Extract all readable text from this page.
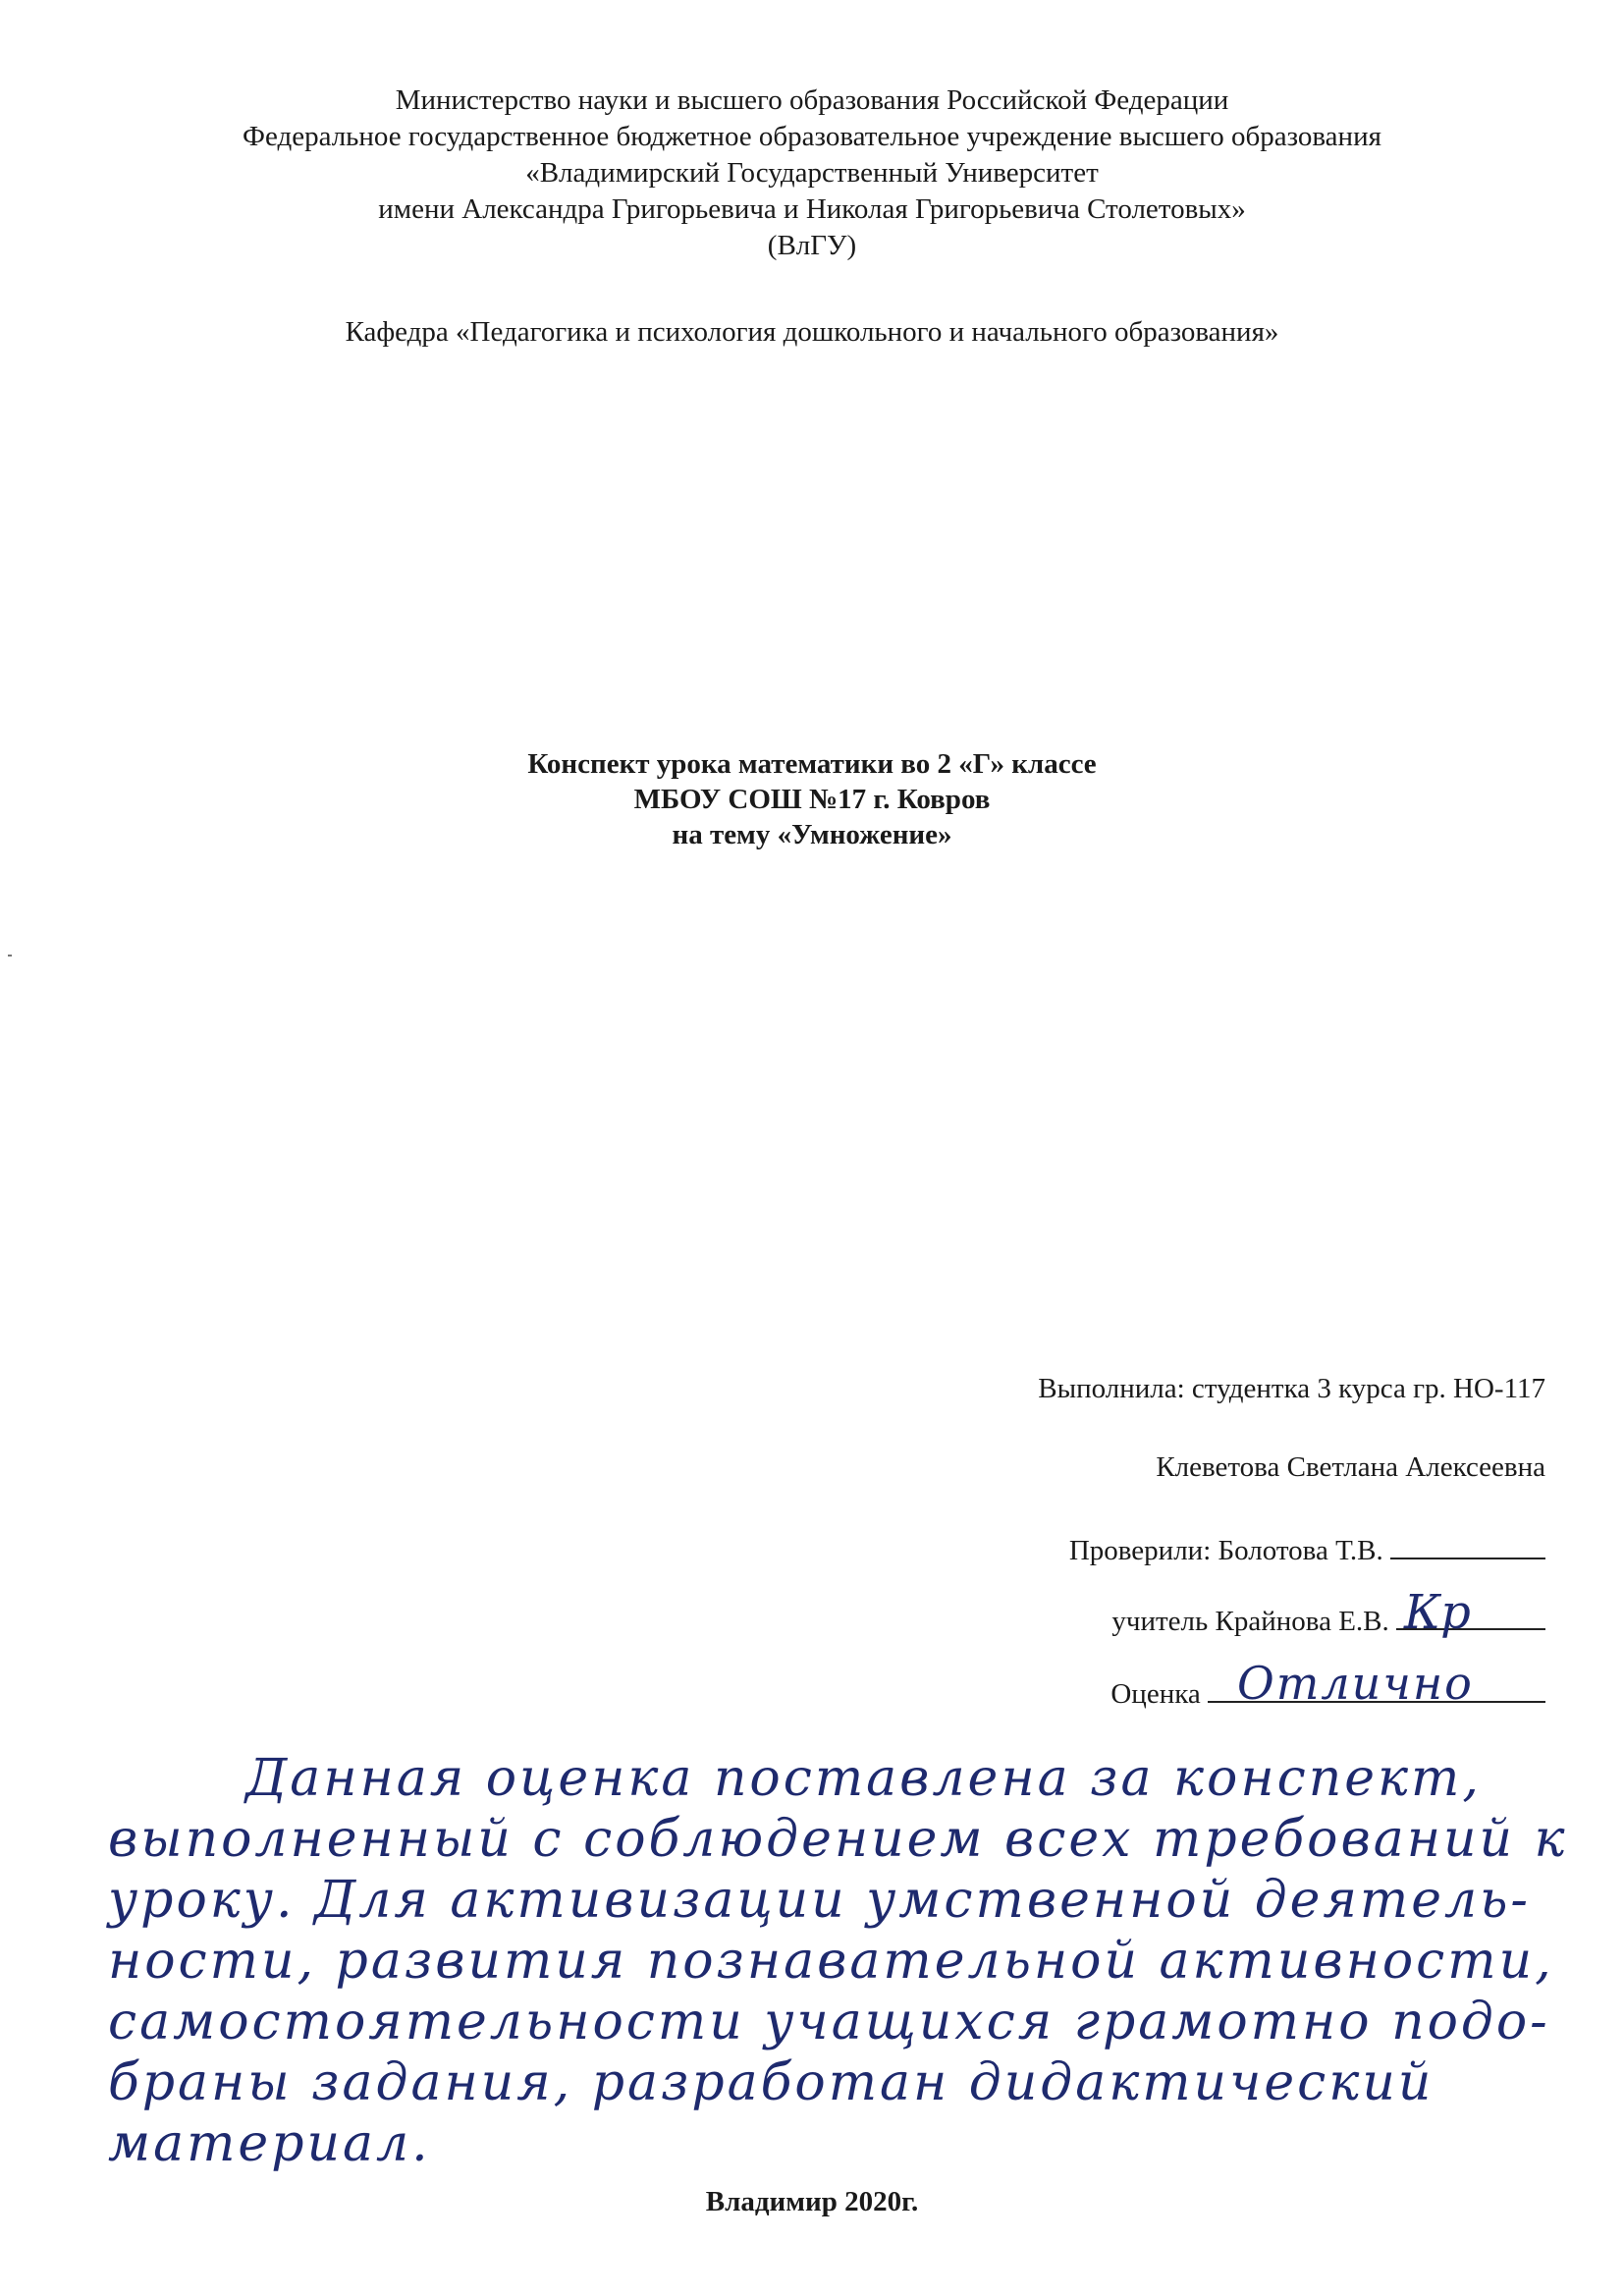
Министерство науки и высшего образования Российской Федерации
Федеральное государственное бюджетное образовательное учреждение высшего образования
«Владимирский Государственный Университет
имени Александра Григорьевича и Николая Григорьевича Столетовых»
(ВлГУ)
Кафедра «Педагогика и психология дошкольного и начального образования»
Конспект урока математики во 2 «Г» классе
МБОУ СОШ №17 г. Ковров
на тему «Умножение»
Выполнила: студентка 3 курса гр. НО-117
Клеветова Светлана Алексеевна
Проверили: Болотова Т.В.
учитель Крайнова Е.В. Кр
Оценка Отлично
Данная оценка поставлена за конспект,
выполненный с соблюдением всех требований к
уроку. Для активизации умственной деятель-
ности, развития познавательной активности,
самостоятельности учащихся грамотно подо-
браны задания, разработан дидактический
материал.
Владимир 2020г.
